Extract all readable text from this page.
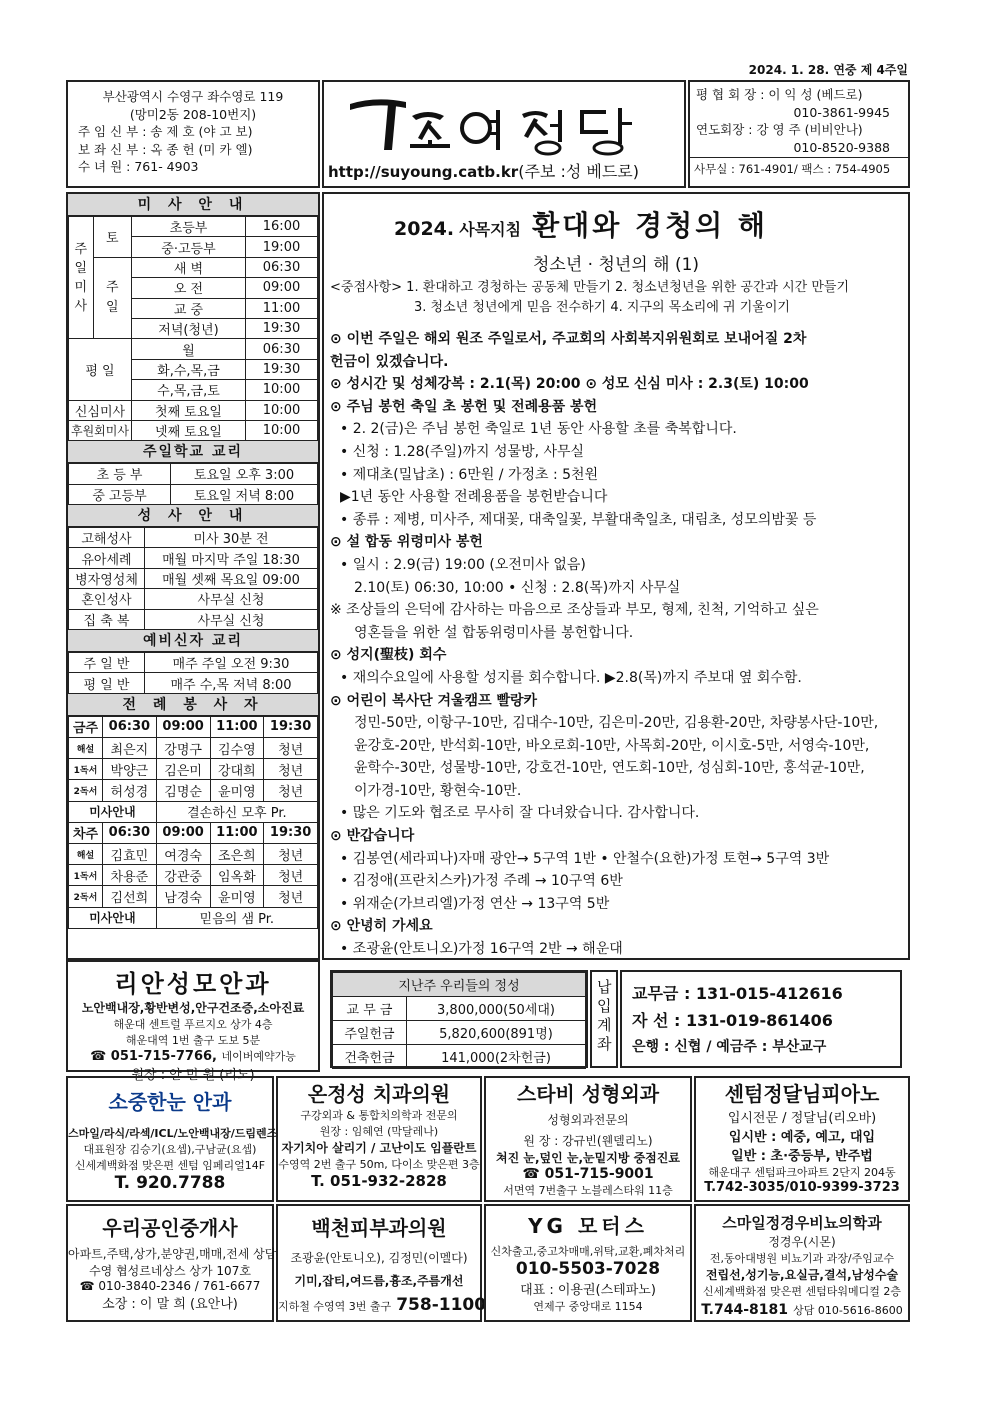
2024. 1. 28. 연중 제 4주일
부산광역시 수영구 좌수영로 119
(망미2동 208-10번지)
주 임 신 부 : 송 제 호 (야 고 보)
보 좌 신 부 : 옥 종 헌 (미 카 엘)
수 녀 원 : 761- 4903	http://suyoung.catb.kr(주보 :성 베드로)
평 협 회 장 : 이 익 성 (베드로)
010-3861-9945
연도회장 : 강 영 주 (비비안나)
010-8520-9388
사무실 : 761-4901/ 팩스 : 754-4905
미 사 안 내
주
일
미
사	토	초등부	16:00
		중·고등부	19:00
	주
일	새 벽	06:30
		오 전	09:00
		교 중	11:00
		저녁(청년)	19:30
평 일		월	06:30
		화,수,목,금	19:30
		수,목,금,토	10:00
신심미사		첫째 토요일	10:00
후원회미사		넷째 토요일	10:00
주일학교 교리
초 등 부	토요일 오후 3:00
중 고등부	토요일 저녁 8:00
성 사 안 내
고해성사	미사 30분 전
유아세례	매월 마지막 주일 18:30
병자영성체	매월 셋째 목요일 09:00
혼인성사	사무실 신청
집 축 복	사무실 신청
예비신자 교리
주 일 반	매주 주일 오전 9:30
평 일 반	매주 수,목 저녁 8:00
전 례 봉 사 자
금주	06:30	09:00	11:00	19:30
해설	최은지	강명구	김수영	청년
1독서	박양근	김은미	강대희	청년
2독서	허성경	김명순	윤미영	청년
미사안내		결손하신 모후 Pr.		
차주	06:30	09:00	11:00	19:30
해설	김효민	여경숙	조은희	청년
1독서	차용준	강관중	임옥화	청년
2독서	김선희	남경숙	윤미영	청년
미사안내		믿음의 샘 Pr.		
2024. 사목지침 환대와 경청의 해
청소년 · 청년의 해 (1)
<중점사항> 1. 환대하고 경청하는 공동체 만들기 2. 청소년청년을 위한 공간과 시간 만들기
3. 청소년 청년에게 믿음 전수하기 4. 지구의 목소리에 귀 기울이기
⊙ 이번 주일은 해외 원조 주일로서, 주교회의 사회복지위원회로 보내어질 2차
헌금이 있겠습니다.
⊙ 성시간 및 성체강복 : 2.1(목) 20:00 ⊙ 성모 신심 미사 : 2.3(토) 10:00
⊙ 주님 봉헌 축일 초 봉헌 및 전례용품 봉헌
• 2. 2(금)은 주님 봉헌 축일로 1년 동안 사용할 초를 축복합니다.
• 신청 : 1.28(주일)까지 성물방, 사무실
• 제대초(밀납초) : 6만원 / 가정초 : 5천원
▶1년 동안 사용할 전례용품을 봉헌받습니다
• 종류 : 제병, 미사주, 제대꽃, 대축일꽃, 부활대축일초, 대림초, 성모의밤꽃 등
⊙ 설 합동 위령미사 봉헌
• 일시 : 2.9(금) 19:00 (오전미사 없음)
2.10(토) 06:30, 10:00 • 신청 : 2.8(목)까지 사무실
※ 조상들의 은덕에 감사하는 마음으로 조상들과 부모, 형제, 친척, 기억하고 싶은
영혼들을 위한 설 합동위령미사를 봉헌합니다.
⊙ 성지(聖枝) 회수
• 재의수요일에 사용할 성지를 회수합니다. ▶2.8(목)까지 주보대 옆 회수함.
⊙ 어린이 복사단 겨울캠프 빨랑카
정민-50만, 이항구-10만, 김대수-10만, 김은미-20만, 김용환-20만, 차량봉사단-10만,
윤강호-20만, 반석회-10만, 바오로회-10만, 사목회-20만, 이시호-5만, 서영숙-10만,
윤학수-30만, 성물방-10만, 강호건-10만, 연도회-10만, 성심회-10만, 홍석균-10만,
이가경-10만, 황현숙-10만.
• 많은 기도와 협조로 무사히 잘 다녀왔습니다. 감사합니다.
⊙ 반갑습니다
• 김봉연(세라피나)자매 광안→ 5구역 1반 • 안철수(요한)가정 토현→ 5구역 3반
• 김정애(프란치스카)가정 주례 → 10구역 6반
• 위재순(가브리엘)가정 연산 → 13구역 5반
⊙ 안녕히 가세요
• 조광윤(안토니오)가정 16구역 2반 → 해운대
지난주 우리들의 정성	
교 무 금	3,800,000(50세대)
주일헌금	5,820,600(891명)
건축헌금	141,000(2차헌금)
납입계좌
교무금 : 131-015-412616
자 선 : 131-019-861406
은행 : 신협 / 예금주 : 부산교구
리안성모안과
노안백내장,황반변성,안구건조증,소아진료
해운대 센트럴 푸르지오 상가 4층
해운대역 1번 출구 도보 5분
☎ 051-715-7766, 네이버예약가능
원장 : 안 민 원 (리노)
소중한눈 안과
스마일/라식/라섹/ICL/노안백내장/드림렌즈
대표원장 김승기(요셉),구남균(요셉)
신세계백화점 맞은편 센텀 임페리얼14F
T. 920.7788
온정성 치과의원
구강외과 & 통합치의학과 전문의
원장 : 임혜연 (막달레나)
자기치아 살리기 / 고난이도 임플란트
수영역 2번 출구 50m, 다이소 맞은편 3층
T. 051-932-2828
스타비 성형외과
성형외과전문의
원 장 : 강규빈(웬델리노)
쳐진 눈,덮인 눈,눈밑지방 중점진료
☎ 051-715-9001
서면역 7번출구 노블레스타워 11층
센텀정달님피아노
입시전문 / 정달님(리오바)
입시반 : 예중, 예고, 대입
일반 : 초·중등부, 반주법
해운대구 센텀파크아파트 2단지 204동
T.742-3035/010-9399-3723
우리공인중개사
아파트,주택,상가,분양권,매매,전세 상담
수영 협성르네상스 상가 107호
☎ 010-3840-2346 / 761-6677
소장 : 이 말 희 (요안나)
백천피부과의원
조광윤(안토니오), 김정민(이멜다)
기미,잡티,여드름,흉조,주름개선
지하철 수영역 3번 출구 758-1100
YG 모터스
신차출고,중고차매매,위탁,교환,폐차처리
010-5503-7028
대표 : 이용권(스테파노)
연제구 중앙대로 1154
스마일정경우비뇨의학과
정경우(시몬)
전,동아대병원 비뇨기과 과장/주임교수
전립선,성기능,요실금,결석,남성수술
신세계백화점 맞은편 센텀타워메디컬 2층
T.744-8181 상담 010-5616-8600
